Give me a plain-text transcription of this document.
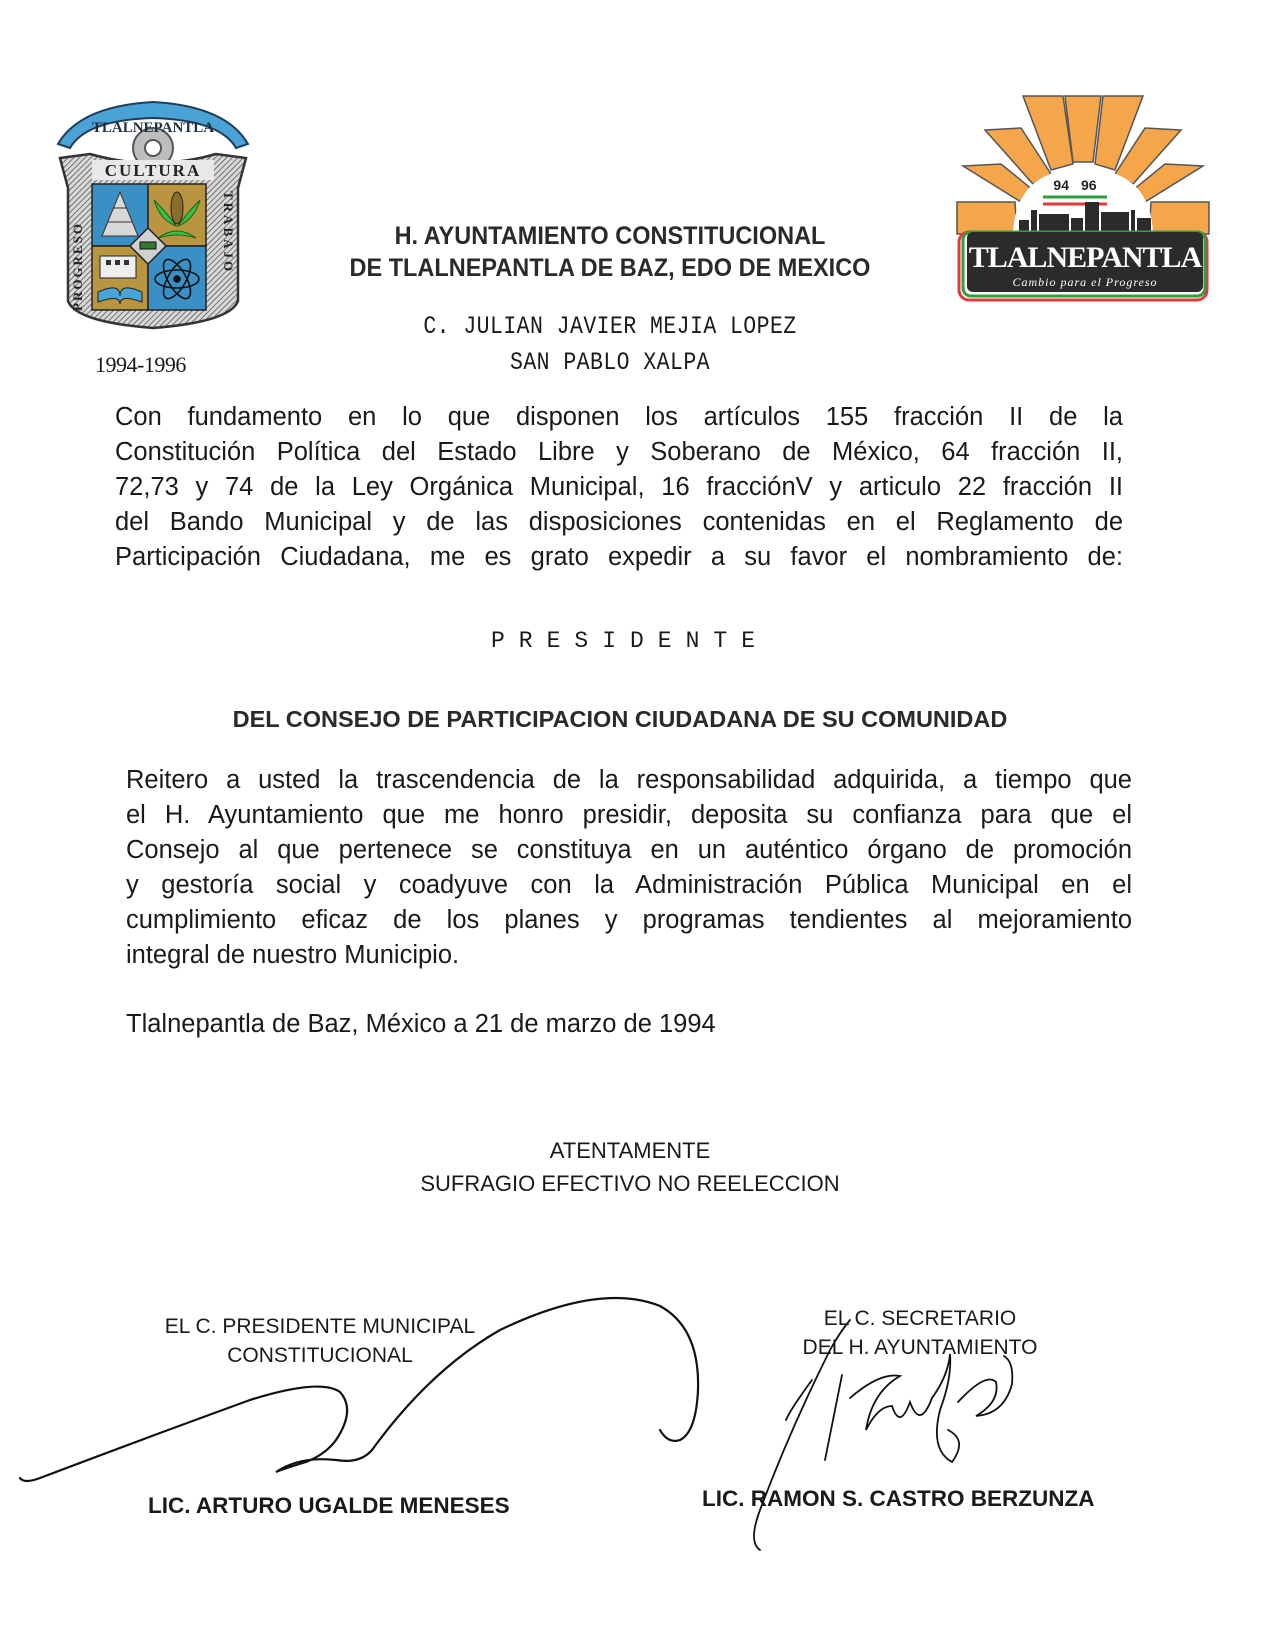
TLALNEPANTLA
CULTURA
PROGRESO	TRABAJO
1994-1996
94 96
TLALNEPANTLA
Cambio para el Progreso
H. AYUNTAMIENTO CONSTITUCIONAL
DE TLALNEPANTLA DE BAZ, EDO DE MEXICO
C. JULIAN JAVIER MEJIA LOPEZ
SAN PABLO XALPA
Con fundamento en lo que disponen los artículos 155 fracción II de la
Constitución Política del Estado Libre y Soberano de México, 64 fracción II,
72,73 y 74 de la Ley Orgánica Municipal, 16 fracciónV y articulo 22 fracción II
del Bando Municipal y de las disposiciones contenidas en el Reglamento de
Participación Ciudadana, me es grato expedir a su favor el nombramiento de:
PRESIDENTE
DEL CONSEJO DE PARTICIPACION CIUDADANA DE SU COMUNIDAD
Reitero a usted la trascendencia de la responsabilidad adquirida, a tiempo que
el H. Ayuntamiento que me honro presidir, deposita su confianza para que el
Consejo al que pertenece se constituya en un auténtico órgano de promoción
y gestoría social y coadyuve con la Administración Pública Municipal en el
cumplimiento eficaz de los planes y programas tendientes al mejoramiento
integral de nuestro Municipio.
Tlalnepantla de Baz, México a 21 de marzo de 1994
ATENTAMENTE
SUFRAGIO EFECTIVO NO REELECCION
EL C. PRESIDENTE MUNICIPAL
CONSTITUCIONAL
EL C. SECRETARIO
DEL H. AYUNTAMIENTO
LIC. ARTURO UGALDE MENESES	LIC. RAMON S. CASTRO BERZUNZA
